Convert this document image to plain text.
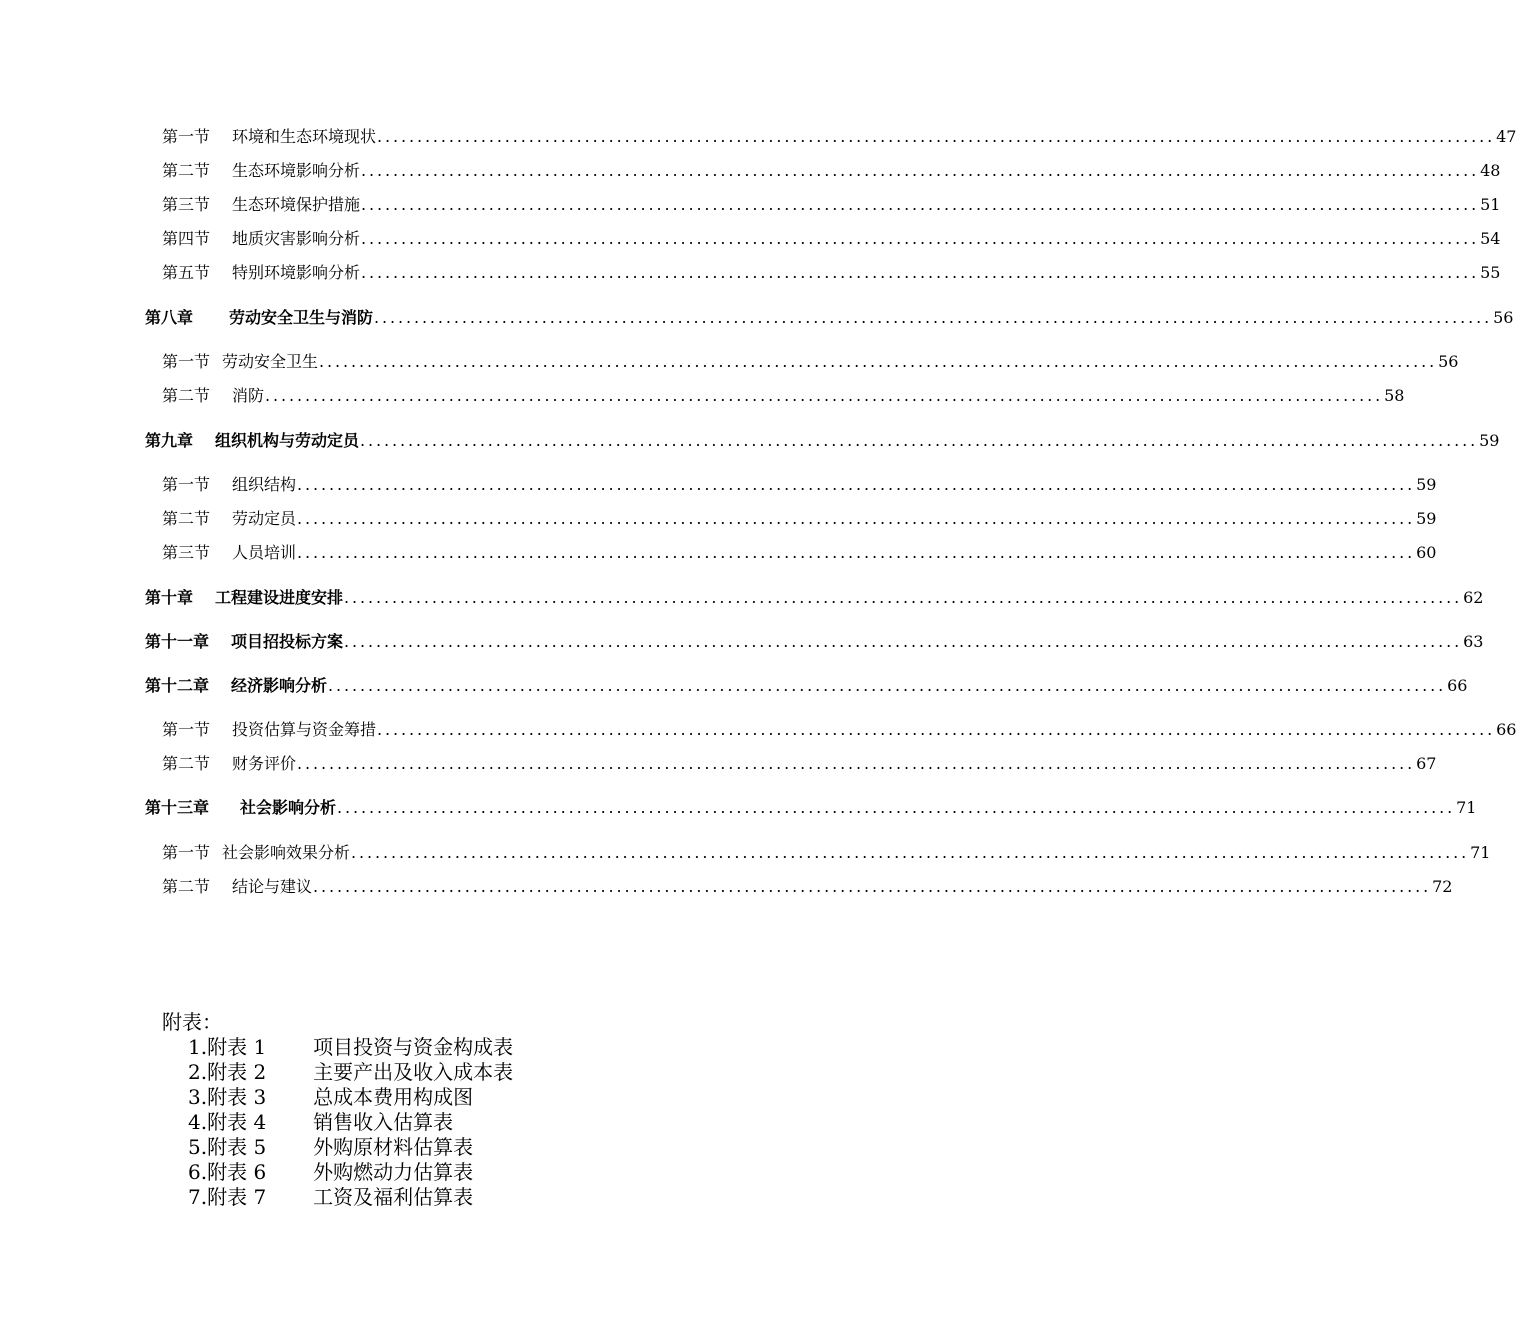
第一节 环境和生态环境现状 ............................................................................................................................................ 47
第二节 生态环境影响分析 ............................................................................................................................................ 48
第三节 生态环境保护措施 ............................................................................................................................................ 51
第四节 地质灾害影响分析 ............................................................................................................................................ 54
第五节 特别环境影响分析 ............................................................................................................................................ 55
第八章 劳动安全卫生与消防 ............................................................................................................................................ 56
第一节 劳动安全卫生 ............................................................................................................................................ 56
第二节 消防 ............................................................................................................................................ 58
第九章 组织机构与劳动定员 ............................................................................................................................................ 59
第一节 组织结构 ............................................................................................................................................ 59
第二节 劳动定员 ............................................................................................................................................ 59
第三节 人员培训 ............................................................................................................................................ 60
第十章 工程建设进度安排 ............................................................................................................................................ 62
第十一章 项目招投标方案 ............................................................................................................................................ 63
第十二章 经济影响分析 ............................................................................................................................................ 66
第一节 投资估算与资金筹措 ............................................................................................................................................ 66
第二节 财务评价 ............................................................................................................................................ 67
第十三章 社会影响分析 ............................................................................................................................................ 71
第一节 社会影响效果分析 ............................................................................................................................................ 71
第二节 结论与建议 ............................................................................................................................................ 72
附表：
1.附表 1 项目投资与资金构成表
2.附表 2 主要产出及收入成本表
3.附表 3 总成本费用构成图
4.附表 4 销售收入估算表
5.附表 5 外购原材料估算表
6.附表 6 外购燃动力估算表
7.附表 7 工资及福利估算表
